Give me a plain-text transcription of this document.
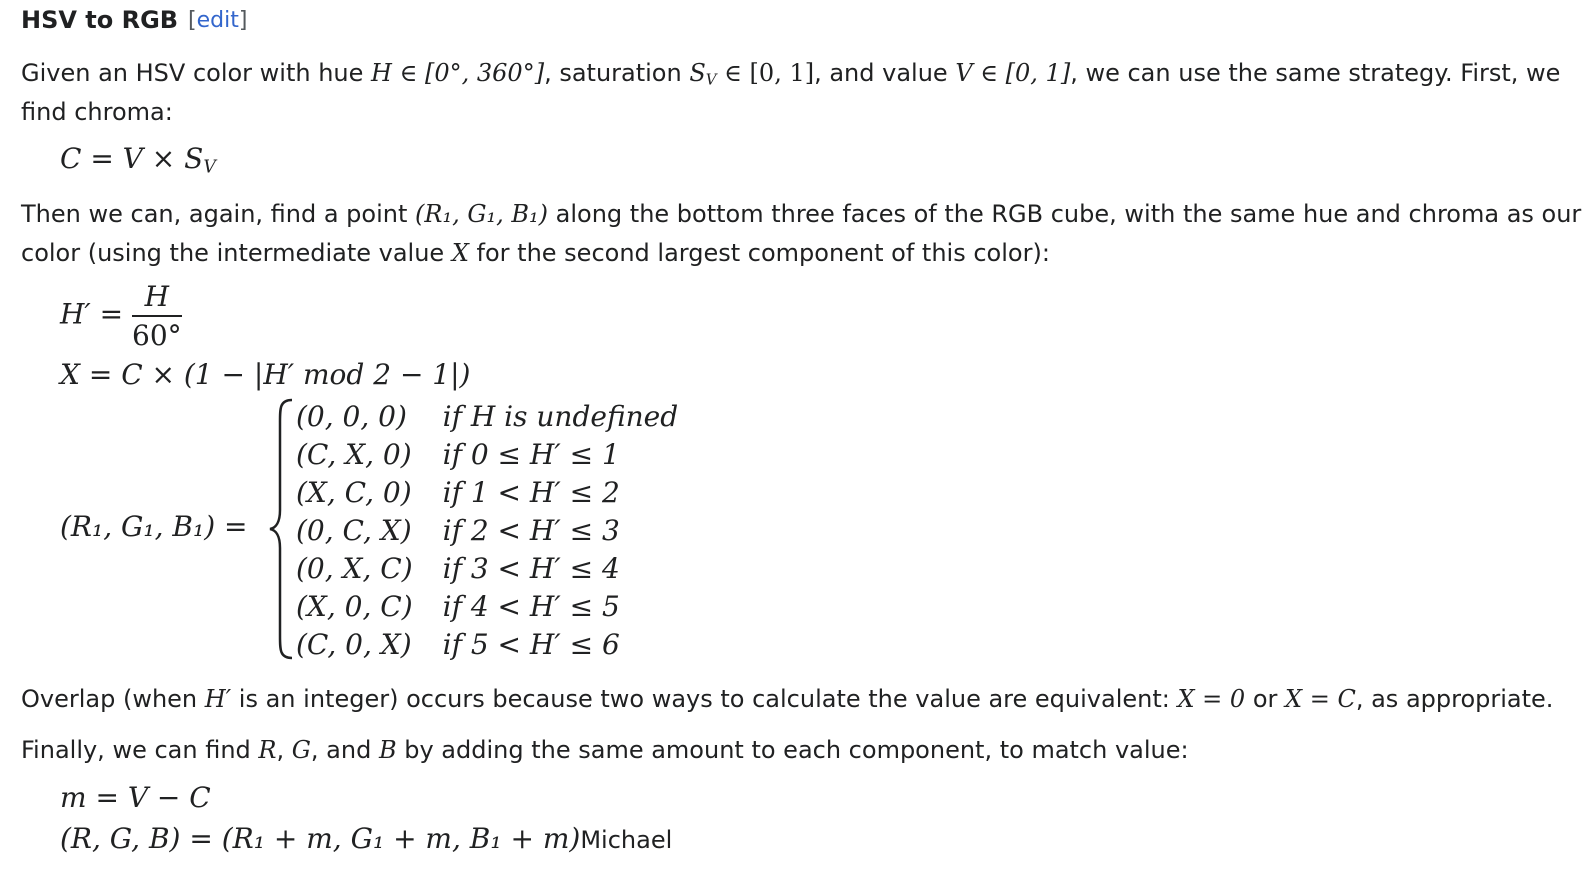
HSV to RGB [edit]
Given an HSV color with hue H ∈ [0°, 360°], saturation $S_V$ ∈ [0, 1], and value V ∈ [0, 1], we can use the same strategy. First, we
find chroma:
$C = V \times S_V$
Then we can, again, find a point (R₁, G₁, B₁) along the bottom three faces of the RGB cube, with the same hue and chroma as our
color (using the intermediate value X for the second largest component of this color):
$H' = \frac{H}{60^\circ}$
X = C × (1 − |H′ mod 2 − 1|)
(R₁, G₁, B₁) =
(0, 0, 0)	if H is undefined
(C, X, 0)	if 0 ≤ H′ ≤ 1
(X, C, 0)	if 1 < H′ ≤ 2
(0, C, X)	if 2 < H′ ≤ 3
(0, X, C)	if 3 < H′ ≤ 4
(X, 0, C)	if 4 < H′ ≤ 5
(C, 0, X)	if 5 < H′ ≤ 6
Overlap (when H′ is an integer) occurs because two ways to calculate the value are equivalent: X = 0 or X = C, as appropriate.
Finally, we can find R, G, and B by adding the same amount to each component, to match value:
m = V − C
(R, G, B) = (R₁ + m, G₁ + m, B₁ + m)Michael
